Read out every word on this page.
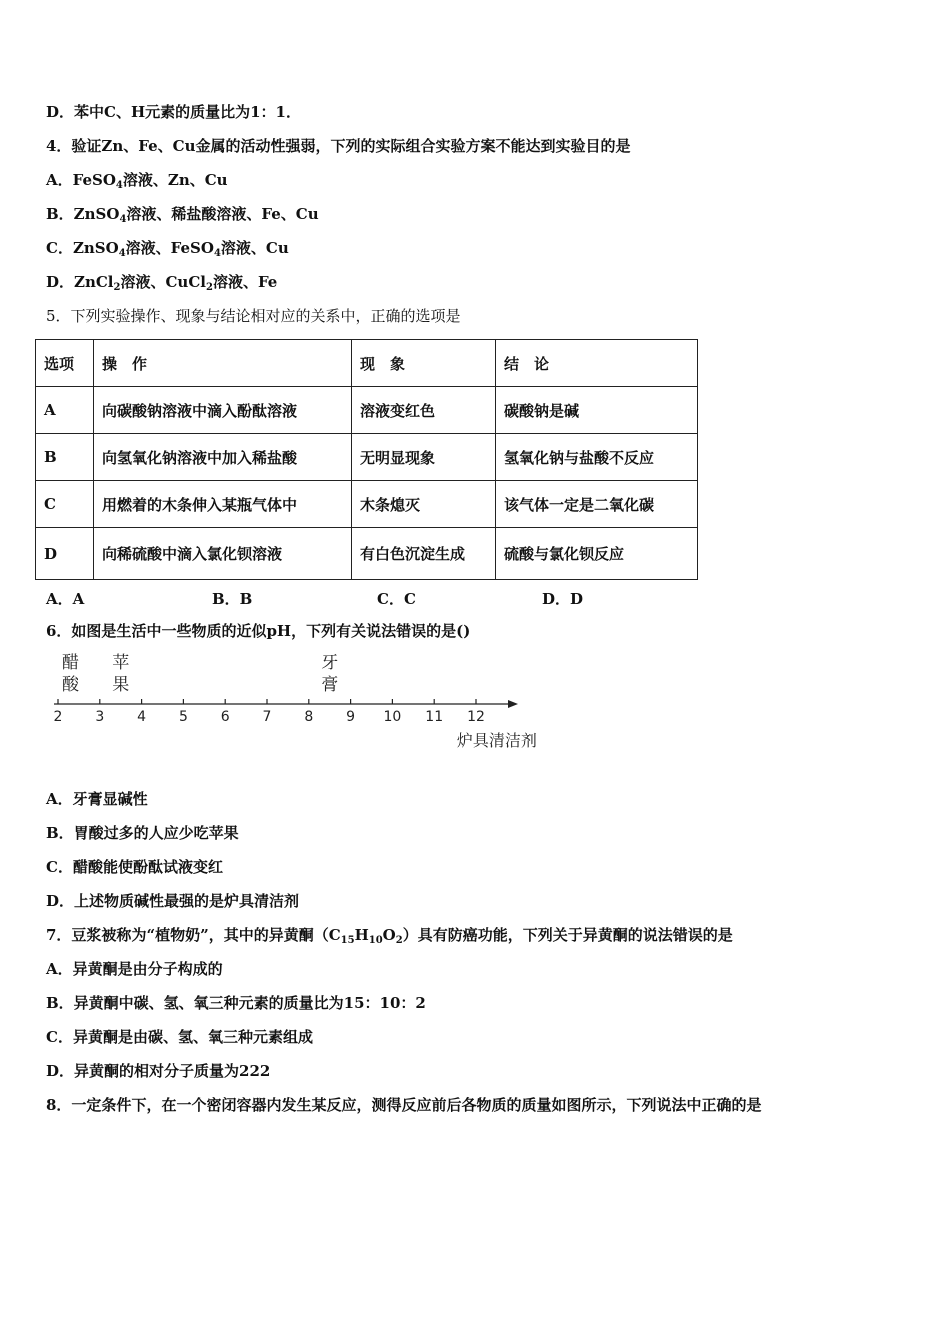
D．苯中C、H元素的质量比为1：1．
4．验证Zn、Fe、Cu金属的活动性强弱，下列的实际组合实验方案不能达到实验目的是
A．FeSO$_4$溶液、Zn、Cu
B．ZnSO$_4$溶液、稀盐酸溶液、Fe、Cu
C．ZnSO$_4$溶液、FeSO$_4$溶液、Cu
D．ZnCl$_2$溶液、CuCl$_2$溶液、Fe
5．下列实验操作、现象与结论相对应的关系中，正确的选项是
选项	操　作	现　象	结　论
A	向碳酸钠溶液中滴入酚酞溶液	溶液变红色	碳酸钠是碱
B	向氢氧化钠溶液中加入稀盐酸	无明显现象	氢氧化钠与盐酸不反应
C	用燃着的木条伸入某瓶气体中	木条熄灭	该气体一定是二氧化碳
D	向稀硫酸中滴入氯化钡溶液	有白色沉淀生成	硫酸与氯化钡反应
A．A	B．B	C．C	D．D
6．如图是生活中一些物质的近似pH，下列有关说法错误的是()
2 3 4 5 6 7 8 9 10 11 12
醋
酸
苹
果
牙
膏
炉具清洁剂
A．牙膏显碱性
B．胃酸过多的人应少吃苹果
C．醋酸能使酚酞试液变红
D．上述物质碱性最强的是炉具清洁剂
7．豆浆被称为“植物奶”，其中的异黄酮$(C_{15}H_{10}O_2)$具有防癌功能，下列关于异黄酮的说法错误的是
A．异黄酮是由分子构成的
B．异黄酮中碳、氢、氧三种元素的质量比为15：10：2
C．异黄酮是由碳、氢、氧三种元素组成
D．异黄酮的相对分子质量为222
8．一定条件下，在一个密闭容器内发生某反应，测得反应前后各物质的质量如图所示，下列说法中正确的是
